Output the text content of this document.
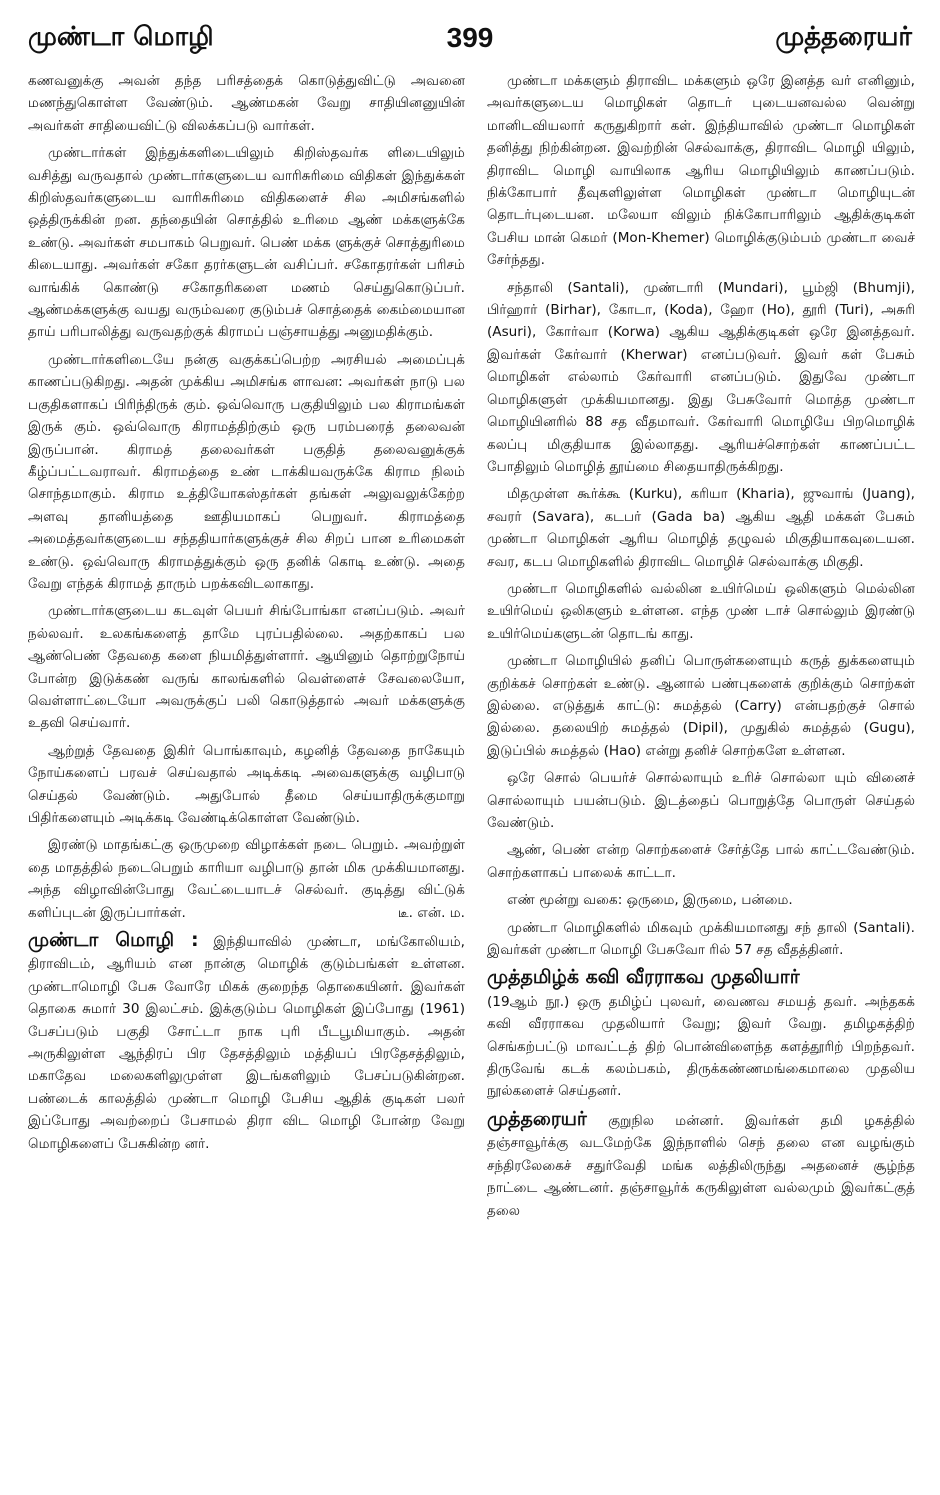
முண்டா மொழி	399	முத்தரையர்

கணவனுக்கு அவன் தந்த பரிசத்தைக் கொடுத்துவிட்டு அவனை மணந்துகொள்ள வேண்டும். ஆண்மகன் வேறு சாதியினனுயின் அவர்கள் சாதியைவிட்டு விலக்கப்படு வார்கள்.

முண்டார்கள் இந்துக்களிடையிலும் கிறிஸ்தவர்க ளிடையிலும் வசித்து வருவதால் முண்டார்களுடைய வாரிசுரிமை விதிகள் இந்துக்கள் கிறிஸ்தவர்களுடைய வாரிசுரிமை விதிகளைச் சில அமிசங்களில் ஒத்திருக்கின் றன. தந்தையின் சொத்தில் உரிமை ஆண் மக்களுக்கே உண்டு. அவர்கள் சமபாகம் பெறுவர். பெண் மக்க ளுக்குச் சொத்துரிமை கிடையாது. அவர்கள் சகோ தரர்களுடன் வசிப்பர். சகோதரர்கள் பரிசம் வாங்கிக் கொண்டு சகோதரிகளை மணம் செய்துகொடுப்பர். ஆண்மக்களுக்கு வயது வரும்வரை குடும்பச் சொத்தைக் கைம்மையான தாய் பரிபாலித்து வருவதற்குக் கிராமப் பஞ்சாயத்து அனுமதிக்கும்.

முண்டார்களிடையே நன்கு வகுக்கப்பெற்ற அரசியல் அமைப்புக் காணப்படுகிறது. அதன் முக்கிய அமிசங்க ளாவன: அவர்கள் நாடு பல பகுதிகளாகப் பிரிந்திருக் கும். ஒவ்வொரு பகுதியிலும் பல கிராமங்கள் இருக் கும். ஒவ்வொரு கிராமத்திற்கும் ஒரு பரம்பரைத் தலைவன் இருப்பான். கிராமத் தலைவர்கள் பகுதித் தலைவனுக்குக் கீழ்ப்பட்டவராவர். கிராமத்தை உண் டாக்கியவருக்கே கிராம நிலம் சொந்தமாகும். கிராம உத்தியோகஸ்தர்கள் தங்கள் அலுவலுக்கேற்ற அளவு தானியத்தை ஊதியமாகப் பெறுவர். கிராமத்தை அமைத்தவர்களுடைய சந்ததியார்களுக்குச் சில சிறப் பான உரிமைகள் உண்டு. ஒவ்வொரு கிராமத்துக்கும் ஒரு தனிக் கொடி உண்டு. அதை வேறு எந்தக் கிராமத் தாரும் பறக்கவிடலாகாது.

முண்டார்களுடைய கடவுள் பெயர் சிங்போங்கா எனப்படும். அவர் நல்லவர். உலகங்களைத் தாமே புரப்பதில்லை. அதற்காகப் பல ஆண்பெண் தேவதை களை நியமித்துள்ளார். ஆயினும் தொற்றுநோய் போன்ற இடுக்கண் வருங் காலங்களில் வெள்ளைச் சேவலையோ, வெள்ளாட்டையோ அவருக்குப் பலி கொடுத்தால் அவர் மக்களுக்கு உதவி செய்வார்.

ஆற்றுத் தேவதை இகிர் பொங்காவும், கழனித் தேவதை நாகேயும் நோய்களைப் பரவச் செய்வதால் அடிக்கடி அவைகளுக்கு வழிபாடு செய்தல் வேண்டும். அதுபோல் தீமை செய்யாதிருக்குமாறு பிதிர்களையும் அடிக்கடி வேண்டிக்கொள்ள வேண்டும்.

இரண்டு மாதங்கட்கு ஒருமுறை விழாக்கள் நடை பெறும். அவற்றுள் தை மாதத்தில் நடைபெறும் காரியா வழிபாடு தான் மிக முக்கியமானது. அந்த விழாவின்போது வேட்டையாடச் செல்வர். குடித்து விட்டுக் களிப்புடன் இருப்பார்கள்.	டீ. என். ம.

முண்டா மொழி : இந்தியாவில் முண்டா, மங்கோலியம், திராவிடம், ஆரியம் என நான்கு மொழிக் குடும்பங்கள் உள்ளன. முண்டாமொழி பேசு வோரே மிகக் குறைந்த தொகையினர். இவர்கள் தொகை சுமார் 30 இலட்சம். இக்குடும்ப மொழிகள் இப்போது (1961) பேசப்படும் பகுதி சோட்டா நாக புரி பீடபூமியாகும். அதன் அருகிலுள்ள ஆந்திரப் பிர தேசத்திலும் மத்தியப் பிரதேசத்திலும், மகாதேவ மலைகளிலுமுள்ள இடங்களிலும் பேசப்படுகின்றன. பண்டைக் காலத்தில் முண்டா மொழி பேசிய ஆதிக் குடிகள் பலர் இப்போது அவற்றைப் பேசாமல் திரா விட மொழி போன்ற வேறு மொழிகளைப் பேசுகின்ற னர்.

முண்டா மக்களும் திராவிட மக்களும் ஒரே இனத்த வர் எனினும், அவர்களுடைய மொழிகள் தொடர் புடையனவல்ல வென்று மானிடவியலார் கருதுகிறார் கள். இந்தியாவில் முண்டா மொழிகள் தனித்து நிற்கின்றன. இவற்றின் செல்வாக்கு, திராவிட மொழி யிலும், திராவிட மொழி வாயிலாக ஆரிய மொழியிலும் காணப்படும். நிக்கோபார் தீவுகளிலுள்ள மொழிகள் முண்டா மொழியுடன் தொடர்புடையன. மலேயா விலும் நிக்கோபாரிலும் ஆதிக்குடிகள் பேசிய மான் கெமர் (Mon-Khemer) மொழிக்குடும்பம் முண்டா வைச் சேர்ந்தது.

சந்தாலி (Santali), முண்டாரி (Mundari), பூம்ஜி (Bhumji), பிர்ஹார் (Birhar), கோடா, (Koda), ஹோ (Ho), தூரி (Turi), அசுரி (Asuri), கோர்வா (Korwa) ஆகிய ஆதிக்குடிகள் ஒரே இனத்தவர். இவர்கள் கேர்வார் (Kherwar) எனப்படுவர். இவர் கள் பேசும் மொழிகள் எல்லாம் கேர்வாரி எனப்படும். இதுவே முண்டா மொழிகளுள் முக்கியமானது. இது பேசுவோர் மொத்த முண்டா மொழியினரில் 88 சத வீதமாவர். கேர்வாரி மொழியே பிறமொழிக் கலப்பு மிகுதியாக இல்லாதது. ஆரியச்சொற்கள் காணப்பட்ட போதிலும் மொழித் தூய்மை சிதையாதிருக்கிறது.

மிதமுள்ள கூர்க்கூ (Kurku), கரியா (Kharia), ஜுவாங் (Juang), சவரர் (Savara), கடபர் (Gada ba) ஆகிய ஆதி மக்கள் பேசும் முண்டா மொழிகள் ஆரிய மொழித் தழுவல் மிகுதியாகவுடையன. சவர, கடப மொழிகளில் திராவிட மொழிச் செல்வாக்கு மிகுதி.

முண்டா மொழிகளில் வல்லின உயிர்மெய் ஒலிகளும் மெல்லின உயிர்மெய் ஒலிகளும் உள்ளன. எந்த முண் டாச் சொல்லும் இரண்டு உயிர்மெய்களுடன் தொடங் காது.

முண்டா மொழியில் தனிப் பொருள்களையும் கருத் துக்களையும் குறிக்கச் சொற்கள் உண்டு. ஆனால் பண்புகளைக் குறிக்கும் சொற்கள் இல்லை. எடுத்துக் காட்டு: சுமத்தல் (Carry) என்பதற்குச் சொல் இல்லை. தலையிற் சுமத்தல் (Dipil), முதுகில் சுமத்தல் (Gugu), இடுப்பில் சுமத்தல் (Hao) என்று தனிச் சொற்களே உள்ளன.

ஒரே சொல் பெயர்ச் சொல்லாயும் உரிச் சொல்லா யும் வினைச் சொல்லாயும் பயன்படும். இடத்தைப் பொறுத்தே பொருள் செய்தல் வேண்டும்.

ஆண், பெண் என்ற சொற்களைச் சேர்த்தே பால் காட்டவேண்டும். சொற்களாகப் பாலைக் காட்டா.

எண் மூன்று வகை: ஒருமை, இருமை, பன்மை.

முண்டா மொழிகளில் மிகவும் முக்கியமானது சந் தாலி (Santali). இவர்கள் முண்டா மொழி பேசுவோ ரில் 57 சத வீதத்தினர்.

முத்தமிழ்க் கவி வீரராகவ முதலியார்
(19ஆம் நூ.) ஒரு தமிழ்ப் புலவர், வைணவ சமயத் தவர். அந்தகக் கவி வீரராகவ முதலியார் வேறு; இவர் வேறு. தமிழகத்திற் செங்கற்பட்டு மாவட்டத் திற் பொன்விளைந்த களத்தூரிற் பிறந்தவர். திருவேங் கடக் கலம்பகம், திருக்கண்ணமங்கைமாலை முதலிய நூல்களைச் செய்தனர்.

முத்தரையர் குறுநில மன்னர். இவர்கள் தமி ழகத்தில் தஞ்சாவூர்க்கு வடமேற்கே இந்நாளில் செந் தலை என வழங்கும் சந்திரலேகைச் சதுர்வேதி மங்க லத்திலிருந்து அதனைச் சூழ்ந்த நாட்டை ஆண்டனர். தஞ்சாவூர்க் கருகிலுள்ள வல்லமும் இவர்கட்குத் தலை
